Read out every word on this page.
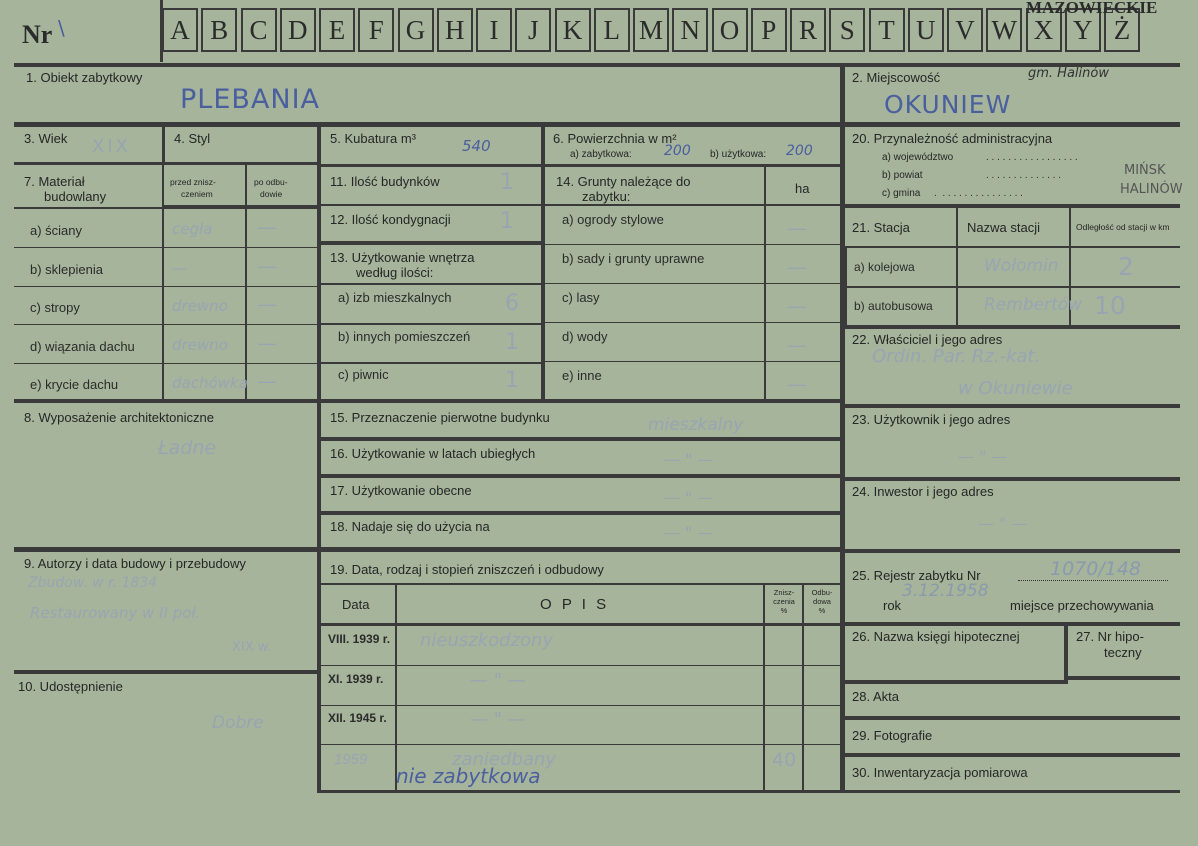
Nr \	A B C D E F G H I	J K L M N O P R S T U V W X Y Ż
MAZOWIECKIE
1. Obiekt zabytkowy
PLEBANIA
2. Miejscowość	gm. Halinów
OKUNIEW
3. Wiek XIX	4. Styl	5. Kubatura m³	540	6. Powierzchnia w m²
a) zabytkowa: 200 b) użytkowa: 200
20. Przynależność administracyjna
a) województwo	. . . . . . . . . . . . . . . . .
b) powiat	. . . . . . . . . . . . . .	MIŃSK
c) gmina .  . . . . . . . . . . . . . . .	HALINÓW
7. Materiał
budowlany
przed znisz-
czeniem
po odbu-
dowie
a) ściany	cegła	—
b) sklepienia	—	—
c) stropy	drewno —
d) wiązania dachu drewno —
e) krycie dachu	dachówka —
11. Ilość budynków	1
12. Ilość kondygnacji 1
13. Użytkowanie wnętrza
według ilości:
a) izb mieszkalnych 6
b) innych pomieszczeń 1
c) piwnic	1
14. Grunty należące do
zabytku:
ha
a) ogrody stylowe	—
b) sady i grunty uprawne	—
c) lasy	—
d) wody	—
e) inne	—
21. Stacja	Nazwa stacji	Odległość od stacji w km
a) kolejowa	Wołomin 2
b) autobusowa	Rembertów 10
22. Właściciel i jego adres
Ordin. Par. Rz.-kat.
w Okuniewie
8. Wyposażenie architektoniczne
Ładne
15. Przeznaczenie pierwotne budynku	mieszkalny
16. Użytkowanie w latach ubiegłych	— " —
17. Użytkowanie obecne	— " —
18. Nadaje się do użycia na	— " —
23. Użytkownik i jego adres
— " —
24. Inwestor i jego adres
— " —
9. Autorzy i data budowy i przebudowy
Zbudow. w r. 1834
Restaurowany w II poł.
XIX w.
10. Udostępnienie
Dobre
19. Data, rodzaj i stopień zniszczeń i odbudowy
Data	O P I S
Znisz-
czenia
%
Odbu-
dowa
%
VIII. 1939 r. nieuszkodzony
XI. 1939 r.	— " —
XII. 1945 r.	— " —
1959	zaniedbany	40
nie zabytkowa
25. Rejestr zabytku Nr	1070/148
rok
3.12.1958
miejsce przechowywania
26. Nazwa księgi hipotecznej	27. Nr hipo-
teczny
28. Akta
29. Fotografie
30. Inwentaryzacja pomiarowa
